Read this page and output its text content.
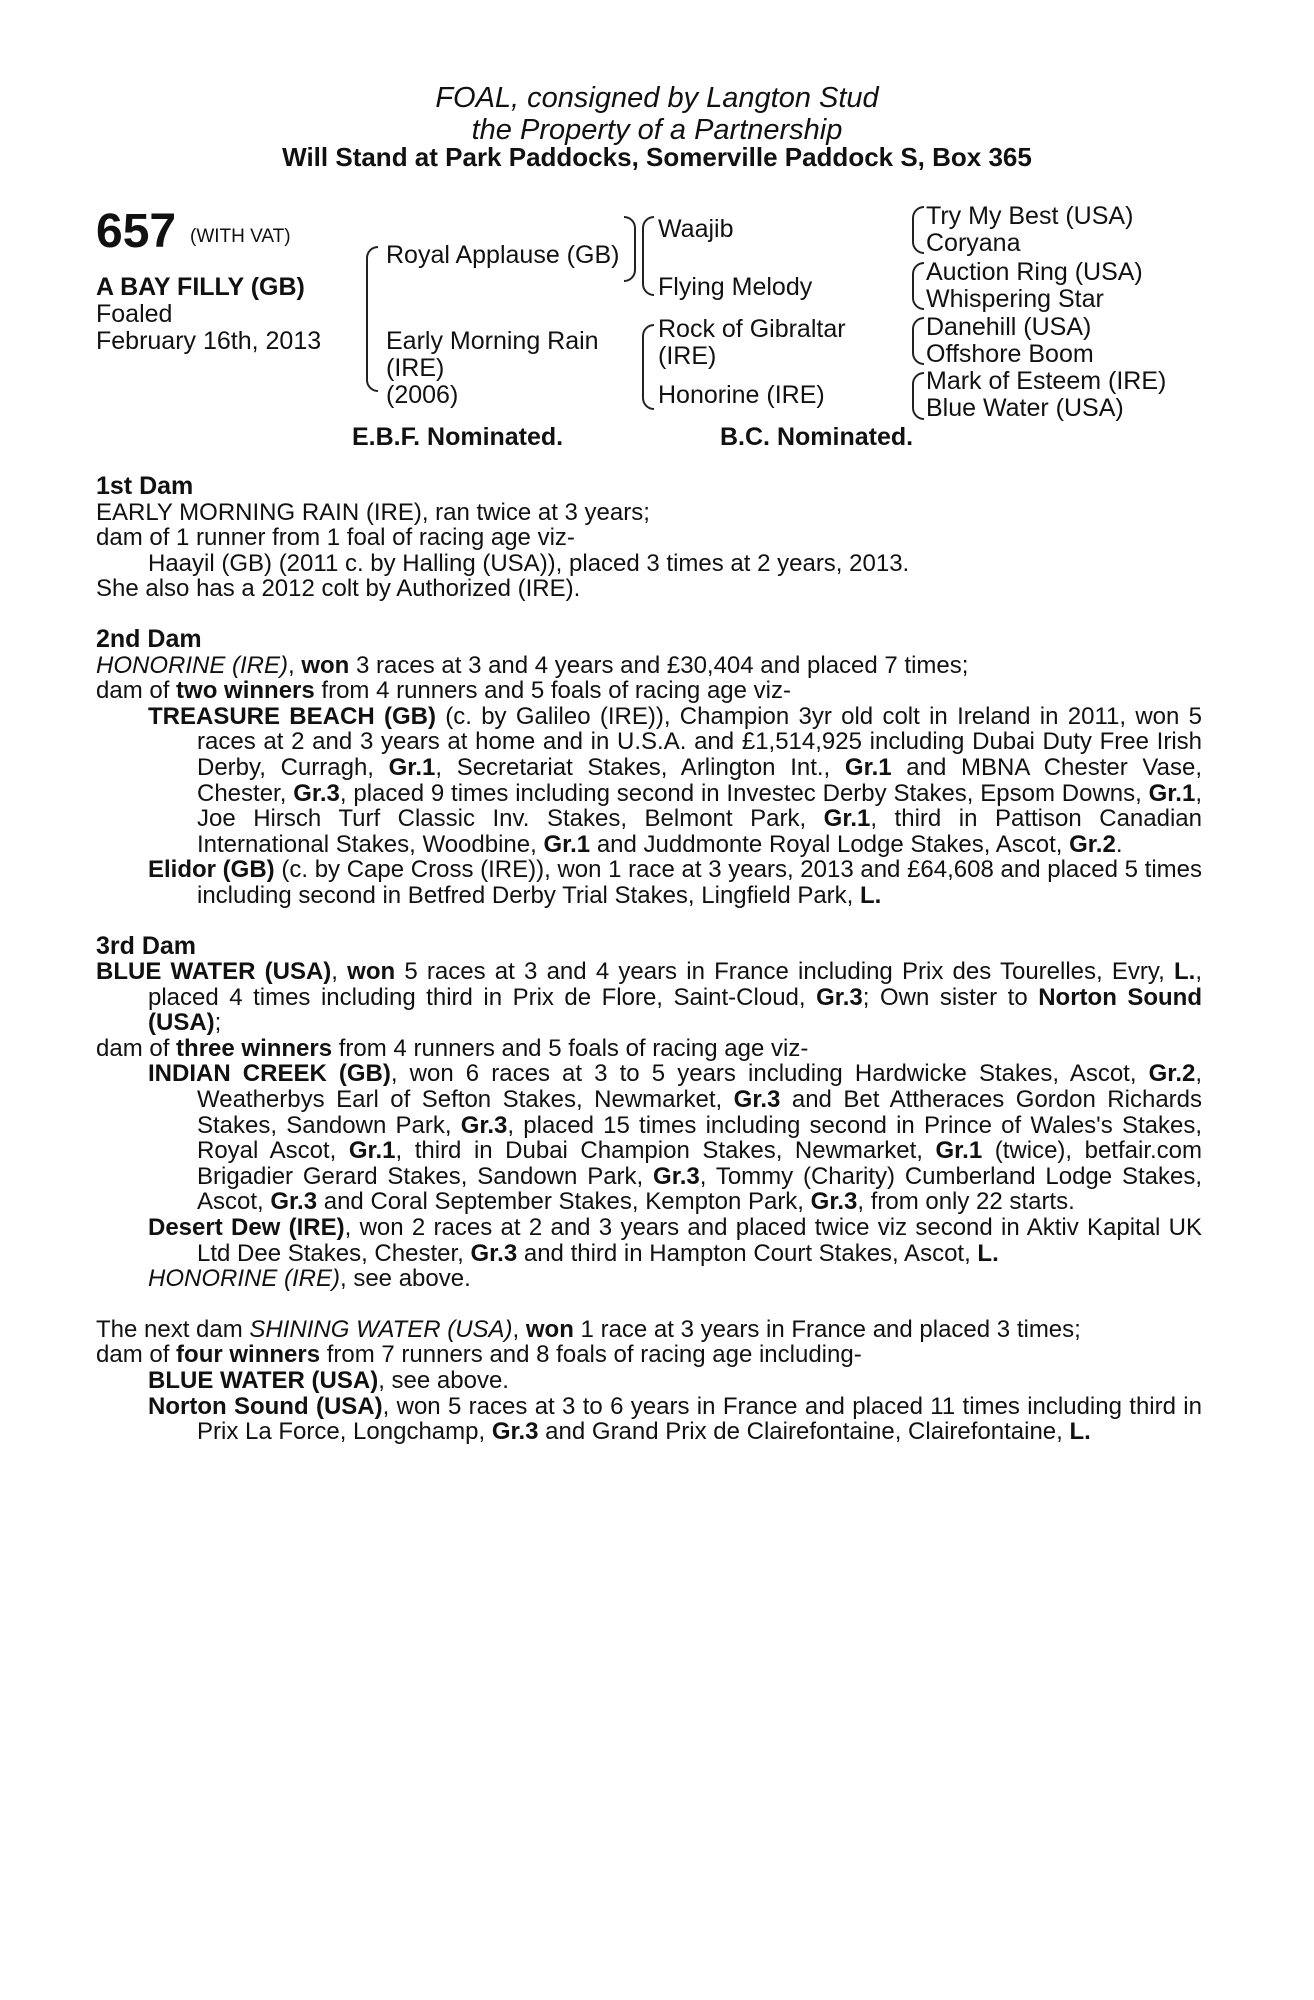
FOAL, consigned by Langton Stud
the Property of a Partnership
Will Stand at Park Paddocks, Somerville Paddock S, Box 365
657 (WITH VAT)
A BAY FILLY (GB)
Foaled
February 16th, 2013
Royal Applause (GB)
Early Morning Rain
(IRE)
(2006)
Waajib
Flying Melody
Rock of Gibraltar
(IRE)
Honorine (IRE)
Try My Best (USA)
Coryana
Auction Ring (USA)
Whispering Star
Danehill (USA)
Offshore Boom
Mark of Esteem (IRE)
Blue Water (USA)
E.B.F. Nominated.	B.C. Nominated.

1st Dam

EARLY MORNING RAIN (IRE), ran twice at 3 years;

dam of 1 runner from 1 foal of racing age viz-

Haayil (GB) (2011 c. by Halling (USA)), placed 3 times at 2 years, 2013.

She also has a 2012 colt by Authorized (IRE).

2nd Dam

HONORINE (IRE), won 3 races at 3 and 4 years and £30,404 and placed 7 times;

dam of two winners from 4 runners and 5 foals of racing age viz-

TREASURE BEACH (GB) (c. by Galileo (IRE)), Champion 3yr old colt in Ireland in 2011, won 5 races at 2 and 3 years at home and in U.S.A. and £1,514,925 including Dubai Duty Free Irish Derby, Curragh, Gr.1, Secretariat Stakes, Arlington Int., Gr.1 and MBNA Chester Vase, Chester, Gr.3, placed 9 times including second in Investec Derby Stakes, Epsom Downs, Gr.1, Joe Hirsch Turf Classic Inv. Stakes, Belmont Park, Gr.1, third in Pattison Canadian International Stakes, Woodbine, Gr.1 and Juddmonte Royal Lodge Stakes, Ascot, Gr.2.

Elidor (GB) (c. by Cape Cross (IRE)), won 1 race at 3 years, 2013 and £64,608 and placed 5 times including second in Betfred Derby Trial Stakes, Lingfield Park, L.

3rd Dam

BLUE WATER (USA), won 5 races at 3 and 4 years in France including Prix des Tourelles, Evry, L., placed 4 times including third in Prix de Flore, Saint-Cloud, Gr.3; Own sister to Norton Sound (USA);

dam of three winners from 4 runners and 5 foals of racing age viz-

INDIAN CREEK (GB), won 6 races at 3 to 5 years including Hardwicke Stakes, Ascot, Gr.2, Weatherbys Earl of Sefton Stakes, Newmarket, Gr.3 and Bet Attheraces Gordon Richards Stakes, Sandown Park, Gr.3, placed 15 times including second in Prince of Wales's Stakes, Royal Ascot, Gr.1, third in Dubai Champion Stakes, Newmarket, Gr.1 (twice), betfair.com Brigadier Gerard Stakes, Sandown Park, Gr.3, Tommy (Charity) Cumberland Lodge Stakes, Ascot, Gr.3 and Coral September Stakes, Kempton Park, Gr.3, from only 22 starts.

Desert Dew (IRE), won 2 races at 2 and 3 years and placed twice viz second in Aktiv Kapital UK Ltd Dee Stakes, Chester, Gr.3 and third in Hampton Court Stakes, Ascot, L.

HONORINE (IRE), see above.

The next dam SHINING WATER (USA), won 1 race at 3 years in France and placed 3 times;

dam of four winners from 7 runners and 8 foals of racing age including-

BLUE WATER (USA), see above.

Norton Sound (USA), won 5 races at 3 to 6 years in France and placed 11 times including third in Prix La Force, Longchamp, Gr.3 and Grand Prix de Clairefontaine, Clairefontaine, L.
